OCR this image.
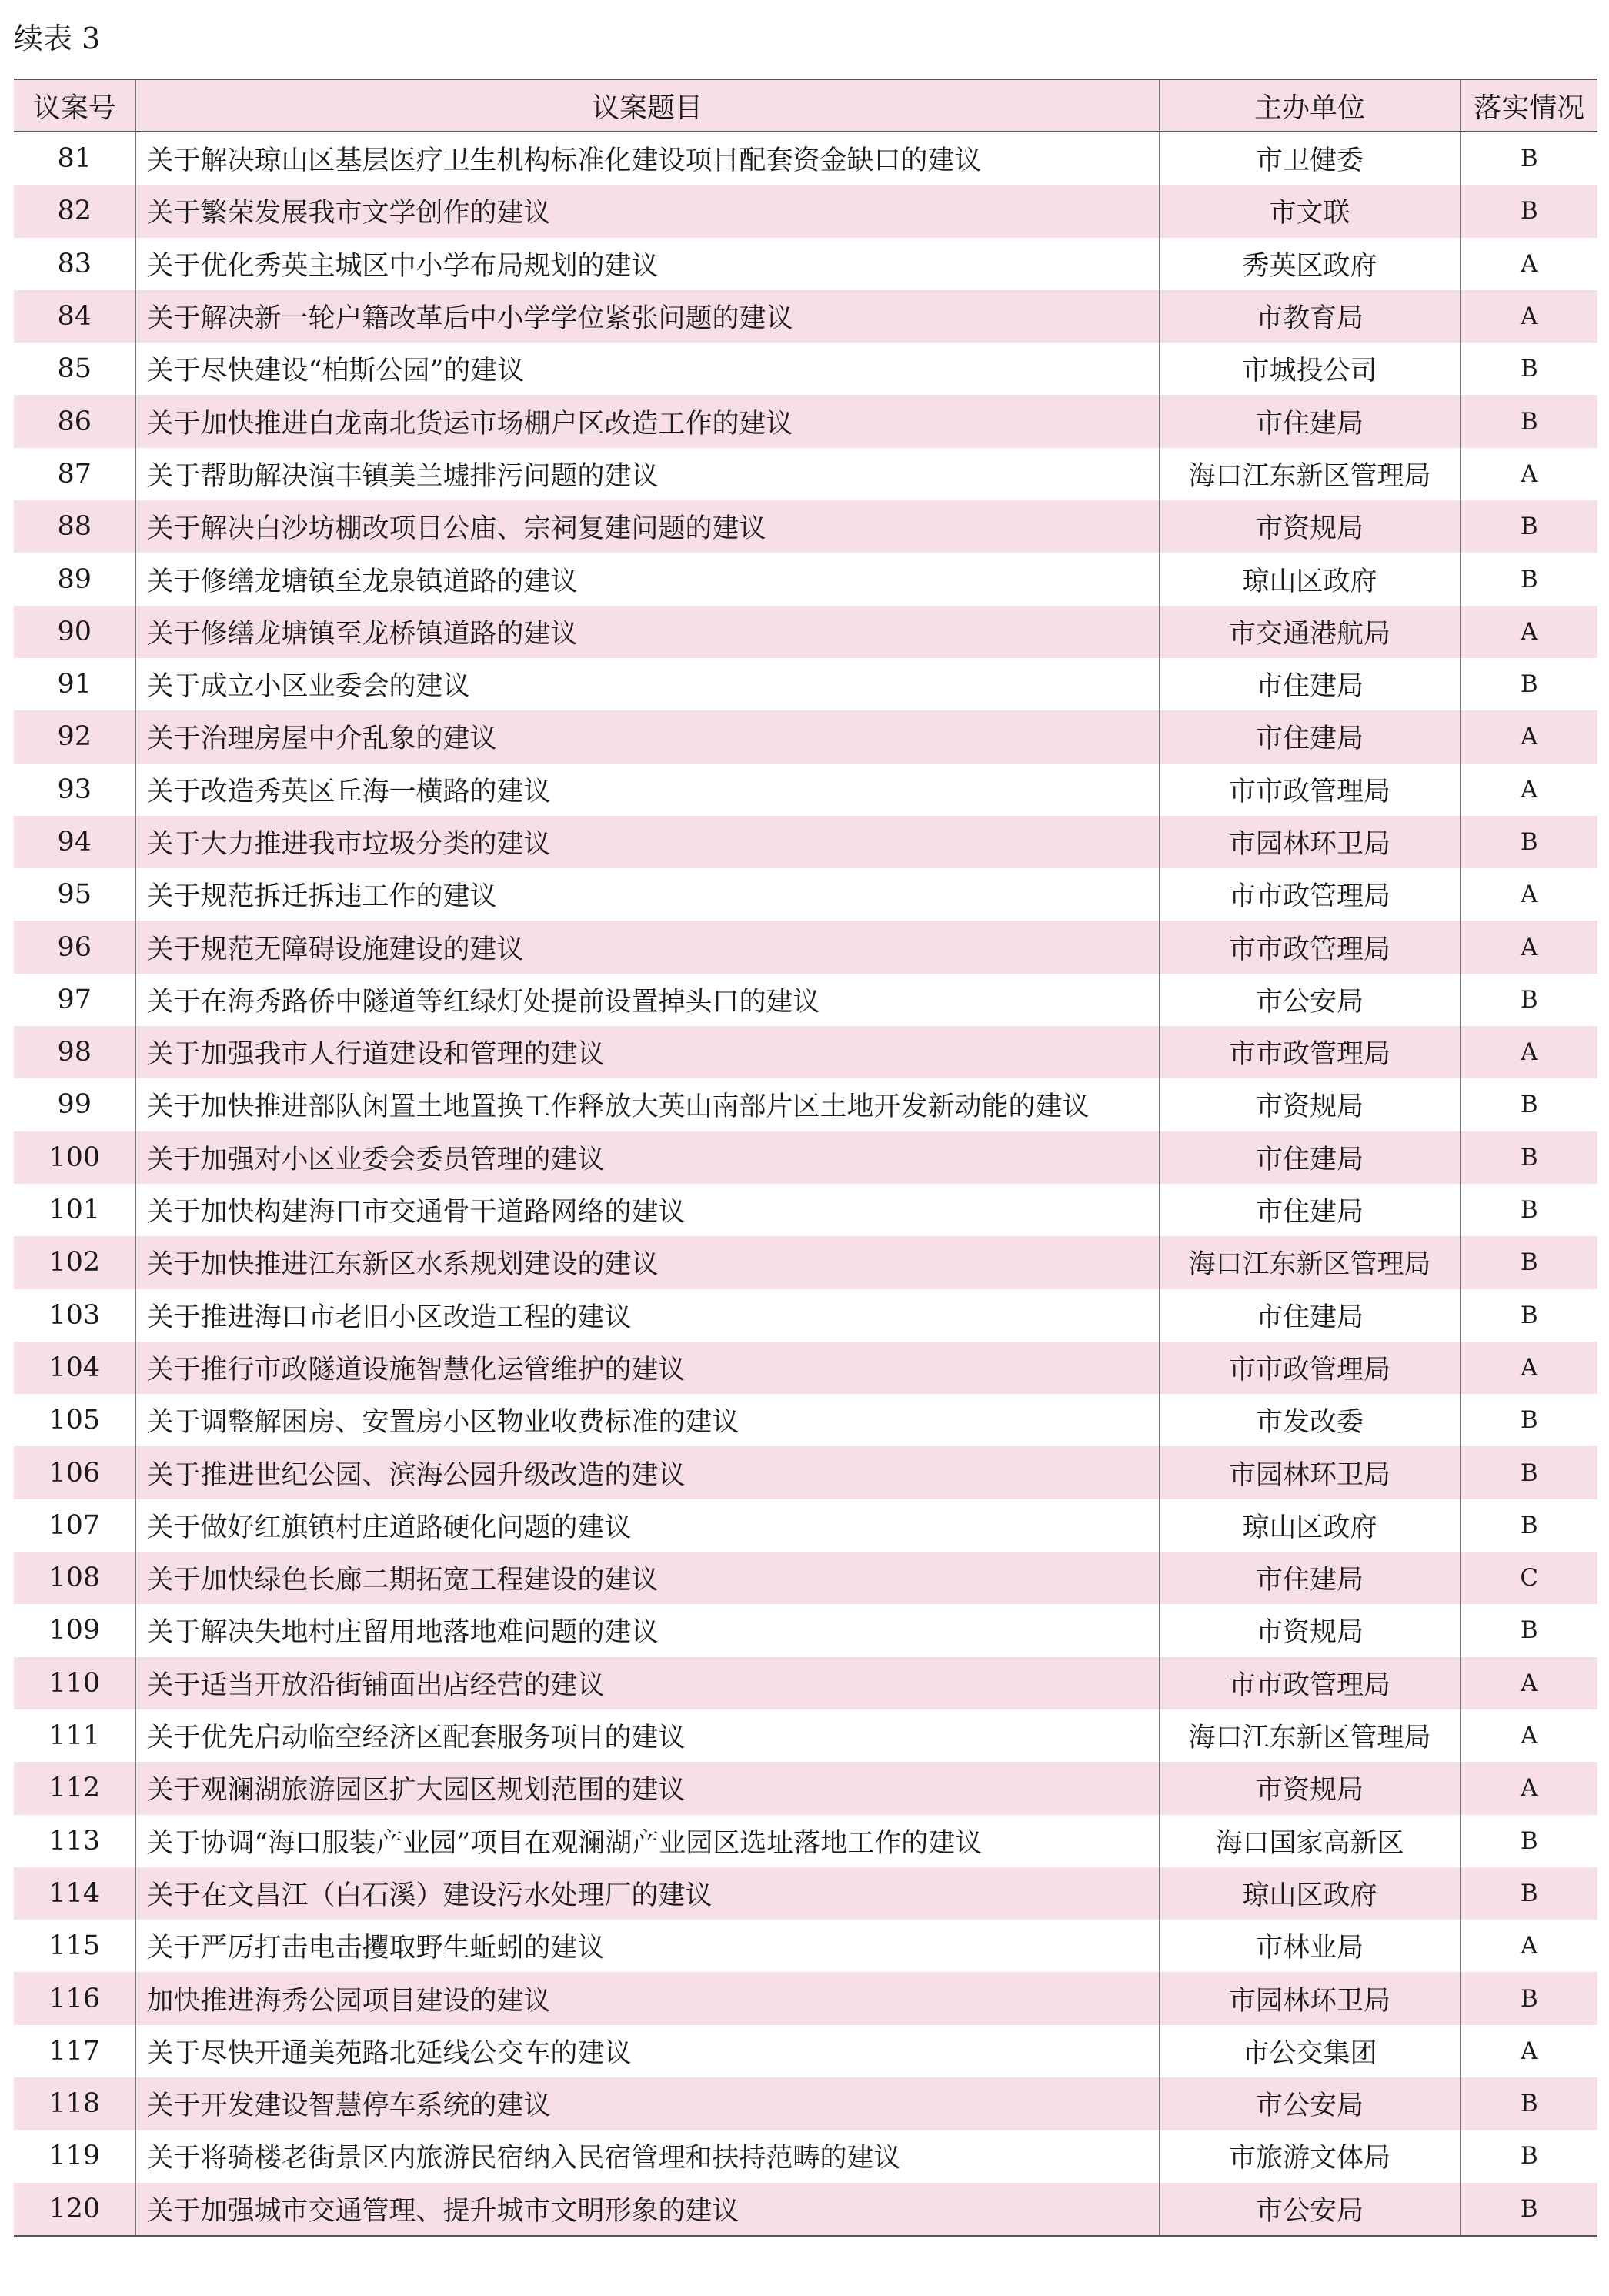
续表 3
议案号	议案题目	主办单位	落实情况
81	关于解决琼山区基层医疗卫生机构标准化建设项目配套资金缺口的建议	市卫健委	B
82	关于繁荣发展我市文学创作的建议	市文联	B
83	关于优化秀英主城区中小学布局规划的建议	秀英区政府	A
84	关于解决新一轮户籍改革后中小学学位紧张问题的建议	市教育局	A
85	关于尽快建设“柏斯公园”的建议	市城投公司	B
86	关于加快推进白龙南北货运市场棚户区改造工作的建议	市住建局	B
87	关于帮助解决演丰镇美兰墟排污问题的建议	海口江东新区管理局	A
88	关于解决白沙坊棚改项目公庙、宗祠复建问题的建议	市资规局	B
89	关于修缮龙塘镇至龙泉镇道路的建议	琼山区政府	B
90	关于修缮龙塘镇至龙桥镇道路的建议	市交通港航局	A
91	关于成立小区业委会的建议	市住建局	B
92	关于治理房屋中介乱象的建议	市住建局	A
93	关于改造秀英区丘海一横路的建议	市市政管理局	A
94	关于大力推进我市垃圾分类的建议	市园林环卫局	B
95	关于规范拆迁拆违工作的建议	市市政管理局	A
96	关于规范无障碍设施建设的建议	市市政管理局	A
97	关于在海秀路侨中隧道等红绿灯处提前设置掉头口的建议	市公安局	B
98	关于加强我市人行道建设和管理的建议	市市政管理局	A
99	关于加快推进部队闲置土地置换工作释放大英山南部片区土地开发新动能的建议	市资规局	B
100	关于加强对小区业委会委员管理的建议	市住建局	B
101	关于加快构建海口市交通骨干道路网络的建议	市住建局	B
102	关于加快推进江东新区水系规划建设的建议	海口江东新区管理局	B
103	关于推进海口市老旧小区改造工程的建议	市住建局	B
104	关于推行市政隧道设施智慧化运管维护的建议	市市政管理局	A
105	关于调整解困房、安置房小区物业收费标准的建议	市发改委	B
106	关于推进世纪公园、滨海公园升级改造的建议	市园林环卫局	B
107	关于做好红旗镇村庄道路硬化问题的建议	琼山区政府	B
108	关于加快绿色长廊二期拓宽工程建设的建议	市住建局	C
109	关于解决失地村庄留用地落地难问题的建议	市资规局	B
110	关于适当开放沿街铺面出店经营的建议	市市政管理局	A
111	关于优先启动临空经济区配套服务项目的建议	海口江东新区管理局	A
112	关于观澜湖旅游园区扩大园区规划范围的建议	市资规局	A
113	关于协调“海口服装产业园”项目在观澜湖产业园区选址落地工作的建议	海口国家高新区	B
114	关于在文昌江（白石溪）建设污水处理厂的建议	琼山区政府	B
115	关于严厉打击电击攫取野生蚯蚓的建议	市林业局	A
116	加快推进海秀公园项目建设的建议	市园林环卫局	B
117	关于尽快开通美苑路北延线公交车的建议	市公交集团	A
118	关于开发建设智慧停车系统的建议	市公安局	B
119	关于将骑楼老街景区内旅游民宿纳入民宿管理和扶持范畴的建议	市旅游文体局	B
120	关于加强城市交通管理、提升城市文明形象的建议	市公安局	B
